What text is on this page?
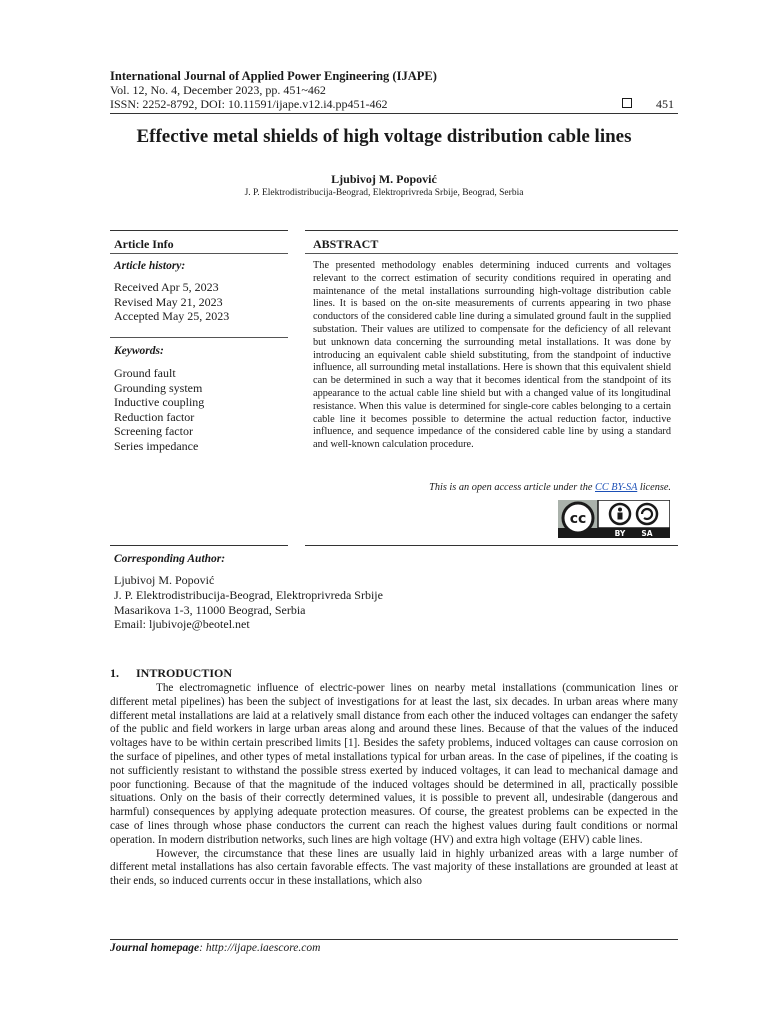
International Journal of Applied Power Engineering (IJAPE)
Vol. 12, No. 4, December 2023, pp. 451~462
ISSN: 2252-8792, DOI: 10.11591/ijape.v12.i4.pp451-462	451
Effective metal shields of high voltage distribution cable lines
Ljubivoj M. Popović
J. P. Elektrodistribucija-Beograd, Elektroprivreda Srbije, Beograd, Serbia
Article Info
Article history:
Received Apr 5, 2023
Revised May 21, 2023
Accepted May 25, 2023
Keywords:
Ground fault
Grounding system
Inductive coupling
Reduction factor
Screening factor
Series impedance
ABSTRACT
The presented methodology enables determining induced currents and voltages relevant to the correct estimation of security conditions required in operating and maintenance of the metal installations surrounding high-voltage distribution cable lines. It is based on the on-site measurements of currents appearing in two phase conductors of the considered cable line during a simulated ground fault in the supplied substation. Their values are utilized to compensate for the deficiency of all relevant but unknown data concerning the surrounding metal installations. It was done by introducing an equivalent cable shield substituting, from the standpoint of inductive influence, all surrounding metal installations. Here is shown that this equivalent shield can be determined in such a way that it becomes identical from the standpoint of its appearance to the actual cable line shield but with a changed value of its longitudinal resistance. When this value is determined for single-core cables belonging to a certain cable line it becomes possible to determine the actual reduction factor, inductive influence, and sequence impedance of the considered cable line by using a standard and well-known calculation procedure.
This is an open access article under the CC BY-SA license.
cc
BY SA
Corresponding Author:
Ljubivoj M. Popović
J. P. Elektrodistribucija-Beograd, Elektroprivreda Srbije
Masarikova 1-3, 11000 Beograd, Serbia
Email: ljubivoje@beotel.net
1. INTRODUCTION

The electromagnetic influence of electric-power lines on nearby metal installations (communication lines or different metal pipelines) has been the subject of investigations for at least the last, six decades. In urban areas where many different metal installations are laid at a relatively small distance from each other the induced voltages can endanger the safety of the public and field workers in large urban areas along and around these lines. Because of that the values of the induced voltages have to be within certain prescribed limits [1]. Besides the safety problems, induced voltages can cause corrosion on the surface of pipelines, and other types of metal installations typical for urban areas. In the case of pipelines, if the coating is not sufficiently resistant to withstand the possible stress exerted by induced voltages, it can lead to mechanical damage and poor functioning. Because of that the magnitude of the induced voltages should be determined in all, practically possible situations. Only on the basis of their correctly determined values, it is possible to prevent all, undesirable (dangerous and harmful) consequences by applying adequate protection measures. Of course, the greatest problems can be expected in the case of lines through whose phase conductors the current can reach the highest values during fault conditions or normal operation. In modern distribution networks, such lines are high voltage (HV) and extra high voltage (EHV) cable lines.

However, the circumstance that these lines are usually laid in highly urbanized areas with a large number of different metal installations has also certain favorable effects. The vast majority of these installations are grounded at least at their ends, so induced currents occur in these installations, which also

Journal homepage: http://ijape.iaescore.com
